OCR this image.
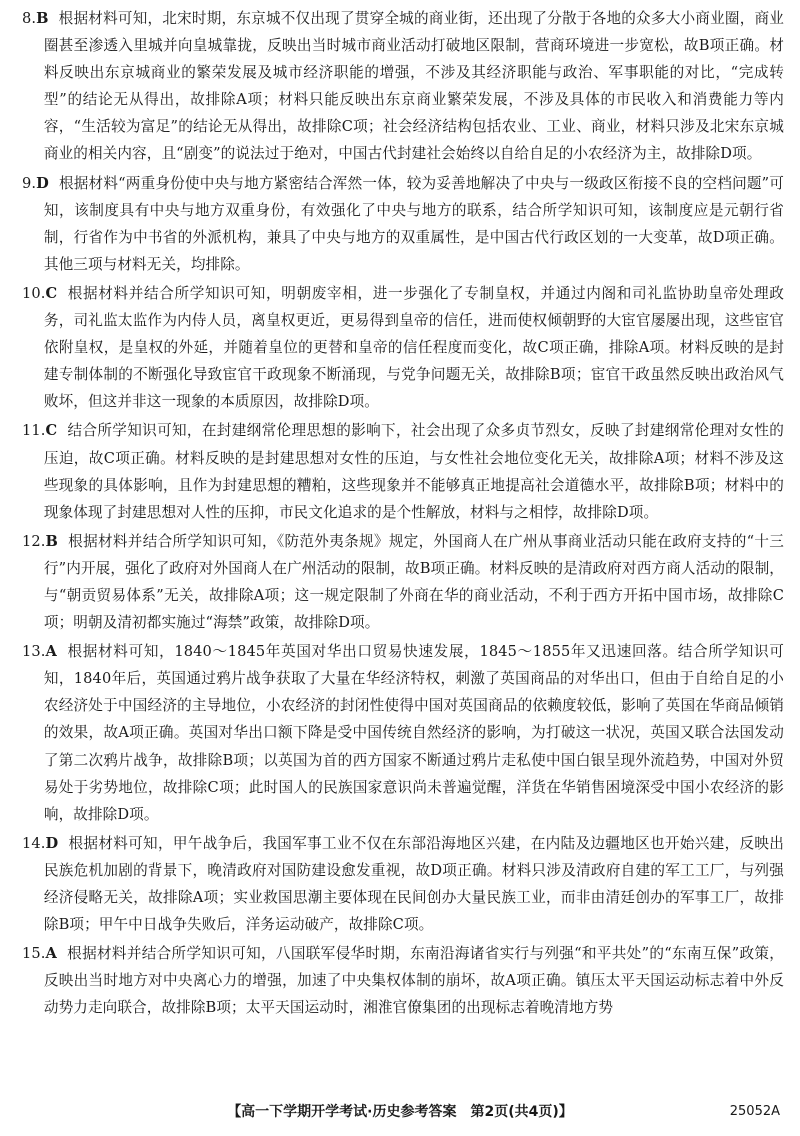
8.B 根据材料可知，北宋时期，东京城不仅出现了贯穿全城的商业街，还出现了分散于各地的众多大小商业圈，商业圈甚至渗透入里城并向皇城靠拢，反映出当时城市商业活动打破地区限制，营商环境进一步宽松，故B项正确。材料反映出东京城商业的繁荣发展及城市经济职能的增强，不涉及其经济职能与政治、军事职能的对比，“完成转型”的结论无从得出，故排除A项；材料只能反映出东京商业繁荣发展，不涉及具体的市民收入和消费能力等内容，“生活较为富足”的结论无从得出，故排除C项；社会经济结构包括农业、工业、商业，材料只涉及北宋东京城商业的相关内容，且“剧变”的说法过于绝对，中国古代封建社会始终以自给自足的小农经济为主，故排除D项。

9.D 根据材料“两重身份使中央与地方紧密结合浑然一体，较为妥善地解决了中央与一级政区衔接不良的空档问题”可知，该制度具有中央与地方双重身份，有效强化了中央与地方的联系，结合所学知识可知，该制度应是元朝行省制，行省作为中书省的外派机构，兼具了中央与地方的双重属性，是中国古代行政区划的一大变革，故D项正确。其他三项与材料无关，均排除。

10.C 根据材料并结合所学知识可知，明朝废宰相，进一步强化了专制皇权，并通过内阁和司礼监协助皇帝处理政务，司礼监太监作为内侍人员，离皇权更近，更易得到皇帝的信任，进而使权倾朝野的大宦官屡屡出现，这些宦官依附皇权，是皇权的外延，并随着皇位的更替和皇帝的信任程度而变化，故C项正确，排除A项。材料反映的是封建专制体制的不断强化导致宦官干政现象不断涌现，与党争问题无关，故排除B项；宦官干政虽然反映出政治风气败坏，但这并非这一现象的本质原因，故排除D项。

11.C 结合所学知识可知，在封建纲常伦理思想的影响下，社会出现了众多贞节烈女，反映了封建纲常伦理对女性的压迫，故C项正确。材料反映的是封建思想对女性的压迫，与女性社会地位变化无关，故排除A项；材料不涉及这些现象的具体影响，且作为封建思想的糟粕，这些现象并不能够真正地提高社会道德水平，故排除B项；材料中的现象体现了封建思想对人性的压抑，市民文化追求的是个性解放，材料与之相悖，故排除D项。

12.B 根据材料并结合所学知识可知，《防范外夷条规》规定，外国商人在广州从事商业活动只能在政府支持的“十三行”内开展，强化了政府对外国商人在广州活动的限制，故B项正确。材料反映的是清政府对西方商人活动的限制，与“朝贡贸易体系”无关，故排除A项；这一规定限制了外商在华的商业活动，不利于西方开拓中国市场，故排除C项；明朝及清初都实施过“海禁”政策，故排除D项。

13.A 根据材料可知，1840～1845年英国对华出口贸易快速发展，1845～1855年又迅速回落。结合所学知识可知，1840年后，英国通过鸦片战争获取了大量在华经济特权，刺激了英国商品的对华出口，但由于自给自足的小农经济处于中国经济的主导地位，小农经济的封闭性使得中国对英国商品的依赖度较低，影响了英国在华商品倾销的效果，故A项正确。英国对华出口额下降是受中国传统自然经济的影响，为打破这一状况，英国又联合法国发动了第二次鸦片战争，故排除B项；以英国为首的西方国家不断通过鸦片走私使中国白银呈现外流趋势，中国对外贸易处于劣势地位，故排除C项；此时国人的民族国家意识尚未普遍觉醒，洋货在华销售困境深受中国小农经济的影响，故排除D项。

14.D 根据材料可知，甲午战争后，我国军事工业不仅在东部沿海地区兴建，在内陆及边疆地区也开始兴建，反映出民族危机加剧的背景下，晚清政府对国防建设愈发重视，故D项正确。材料只涉及清政府自建的军工工厂，与列强经济侵略无关，故排除A项；实业救国思潮主要体现在民间创办大量民族工业，而非由清廷创办的军事工厂，故排除B项；甲午中日战争失败后，洋务运动破产，故排除C项。

15.A 根据材料并结合所学知识可知，八国联军侵华时期，东南沿海诸省实行与列强“和平共处”的“东南互保”政策，反映出当时地方对中央离心力的增强，加速了中央集权体制的崩坏，故A项正确。镇压太平天国运动标志着中外反动势力走向联合，故排除B项；太平天国运动时，湘淮官僚集团的出现标志着晚清地方势

【高一下学期开学考试·历史参考答案　第2页(共4页)】	25052A
